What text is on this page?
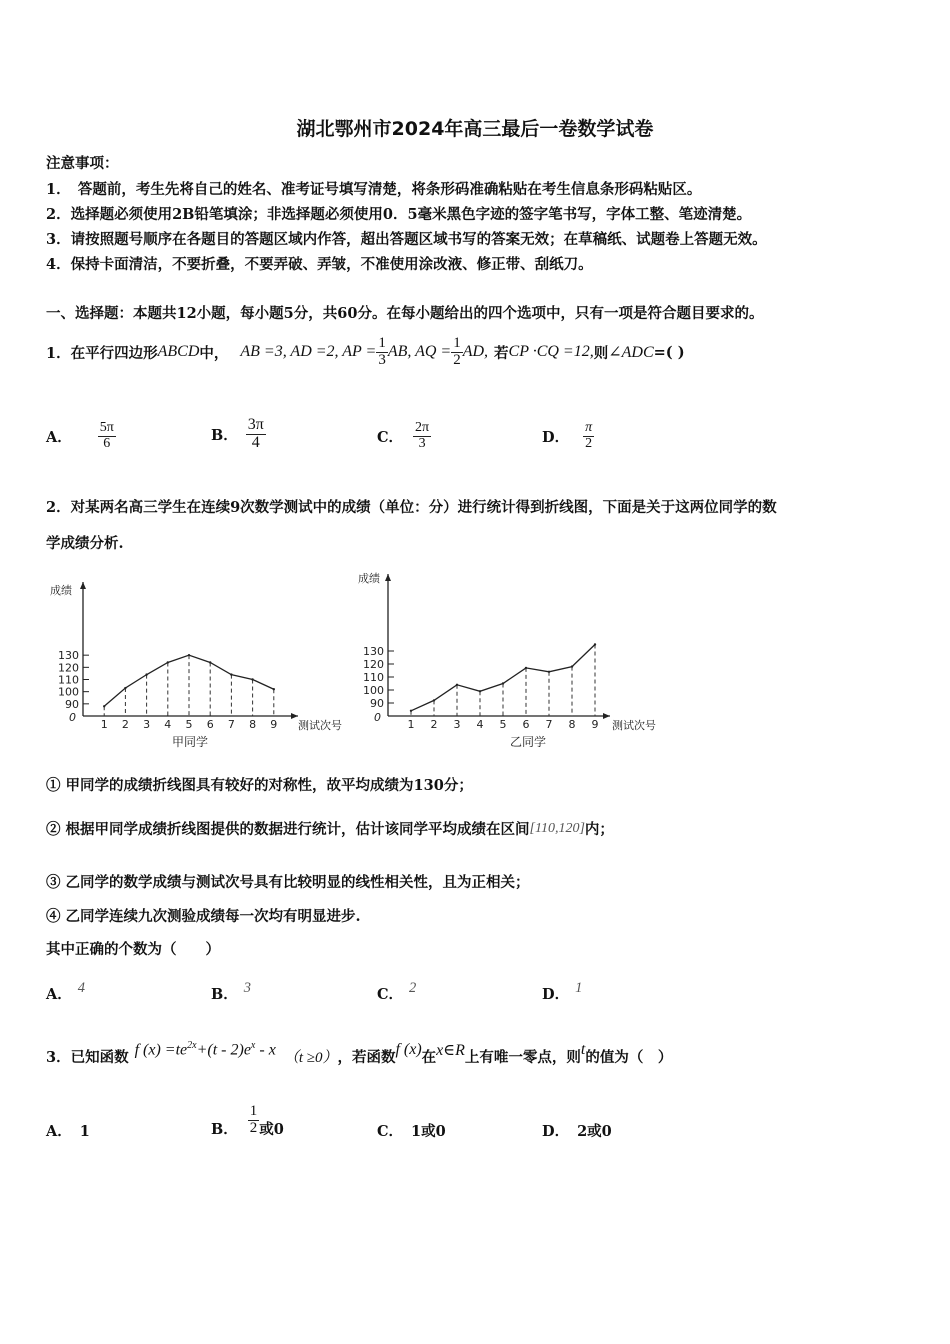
湖北鄂州市2024年高三最后一卷数学试卷
注意事项：
1．　答题前，考生先将自己的姓名、准考证号填写清楚，将条形码准确粘贴在考生信息条形码粘贴区。
2．选择题必须使用2B铅笔填涂；非选择题必须使用0．5毫米黑色字迹的签字笔书写，字体工整、笔迹清楚。
3．请按照题号顺序在各题目的答题区域内作答，超出答题区域书写的答案无效；在草稿纸、试题卷上答题无效。
4．保持卡面清洁，不要折叠，不要弄破、弄皱，不准使用涂改液、修正带、刮纸刀。
一、选择题：本题共12小题，每小题5分，共60分。在每小题给出的四个选项中，只有一项是符合题目要求的。
1．在平行四边形 ABCD 中， AB =3, AD =2, AP = $\frac{1}{3}$ AB, AQ = $\frac{1}{2}$ AD, 若 CP ·CQ =12, 则 ∠ADC =( )
A． $\frac{5\pi}{6}$	B． $\frac{3\pi}{4}$	C． $\frac{2\pi}{3}$	D． $\frac{\pi}{2}$
2．对某两名高三学生在连续9次数学测试中的成绩（单位：分）进行统计得到折线图，下面是关于这两位同学的数
学成绩分析.
成绩
0
90
100
110
120
130
1 2 3 4 5 6 7 8 9 测试次号
甲同学
成绩
0
90
100
110
120
130
1 2 3 4 5 6 7 8 9 测试次号
乙同学
① 甲同学的成绩折线图具有较好的对称性，故平均成绩为130分；
② 根据甲同学成绩折线图提供的数据进行统计，估计该同学平均成绩在区间 [110,120] 内；
③ 乙同学的数学成绩与测试次号具有比较明显的线性相关性，且为正相关；
④ 乙同学连续九次测验成绩每一次均有明显进步.
其中正确的个数为（　　）
A． 4	B． 3	C． 2	D． 1
3．已知函数 f $(x) =te^{2x}+(t - 2)e^x - x$ （t ≥0） ，若函数 f (x) 在 x∈R 上有唯一零点，则 t 的值为（　）
A． 1	B． $\frac{1}{2}$ 或0	C． 1或0	D． 2或0
